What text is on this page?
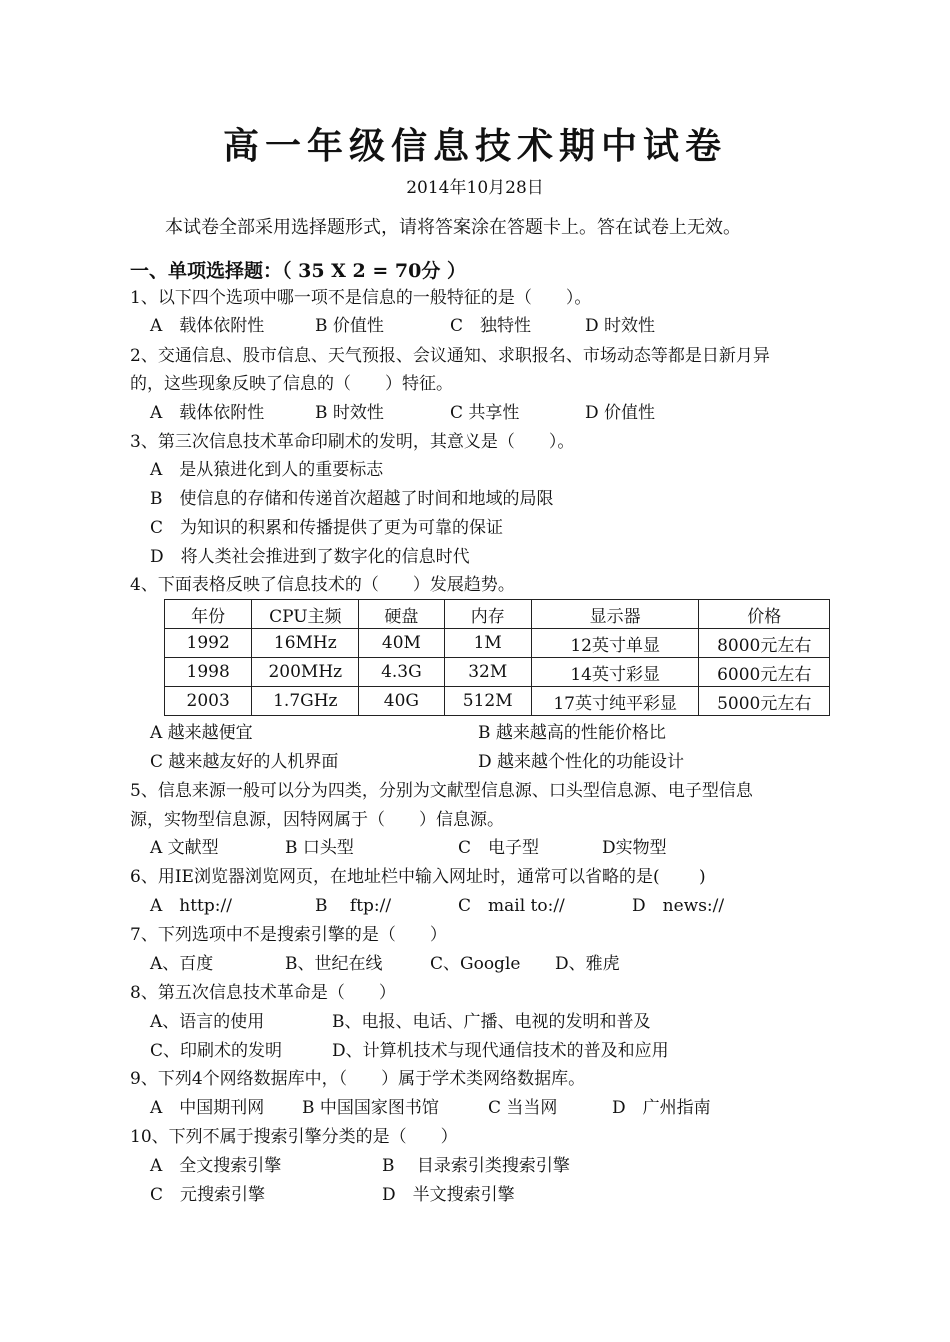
高一年级信息技术期中试卷
2014年10月28日
本试卷全部采用选择题形式，请将答案涂在答题卡上。答在试卷上无效。
一、单项选择题：（ 35 X 2 = 70分 ）
1、以下四个选项中哪一项不是信息的一般特征的是（　　）。
A　载体依附性	B 价值性	C　独特性	D 时效性
2、交通信息、股市信息、天气预报、会议通知、求职报名、市场动态等都是日新月异
的，这些现象反映了信息的（　　）特征。
A　载体依附性	B 时效性	C 共享性	D 价值性
3、第三次信息技术革命印刷术的发明，其意义是（　　）。
A　是从猿进化到人的重要标志
B　使信息的存储和传递首次超越了时间和地域的局限
C　为知识的积累和传播提供了更为可靠的保证
D　将人类社会推进到了数字化的信息时代
4、下面表格反映了信息技术的（　　）发展趋势。
年份	CPU主频	硬盘	内存	显示器	价格
1992	16MHz	40M	1M	12英寸单显	8000元左右
1998	200MHz	4.3G	32M	14英寸彩显	6000元左右
2003	1.7GHz	40G	512M	17英寸纯平彩显	5000元左右
A 越来越便宜	B 越来越高的性能价格比
C 越来越友好的人机界面	D 越来越个性化的功能设计
5、信息来源一般可以分为四类，分别为文献型信息源、口头型信息源、电子型信息
源，实物型信息源，因特网属于（　　）信息源。
A 文献型	B 口头型	C　电子型	D实物型
6、用IE浏览器浏览网页，在地址栏中输入网址时，通常可以省略的是(　　 )
A　http://	B　 ftp://	C　mail to://	D　news://
7、下列选项中不是搜索引擎的是（　　）
A、百度	B、世纪在线	C、Google D、雅虎
8、第五次信息技术革命是（　　）
A、语言的使用	B、电报、电话、广播、电视的发明和普及
C、印刷术的发明	D、计算机技术与现代通信技术的普及和应用
9、下列4个网络数据库中，（　　）属于学术类网络数据库。
A　中国期刊网 B 中国国家图书馆	C 当当网	D　广州指南
10、下列不属于搜索引擎分类的是（　　）
A　全文搜索引擎	B　 目录索引类搜索引擎
C　元搜索引擎	D　半文搜索引擎
